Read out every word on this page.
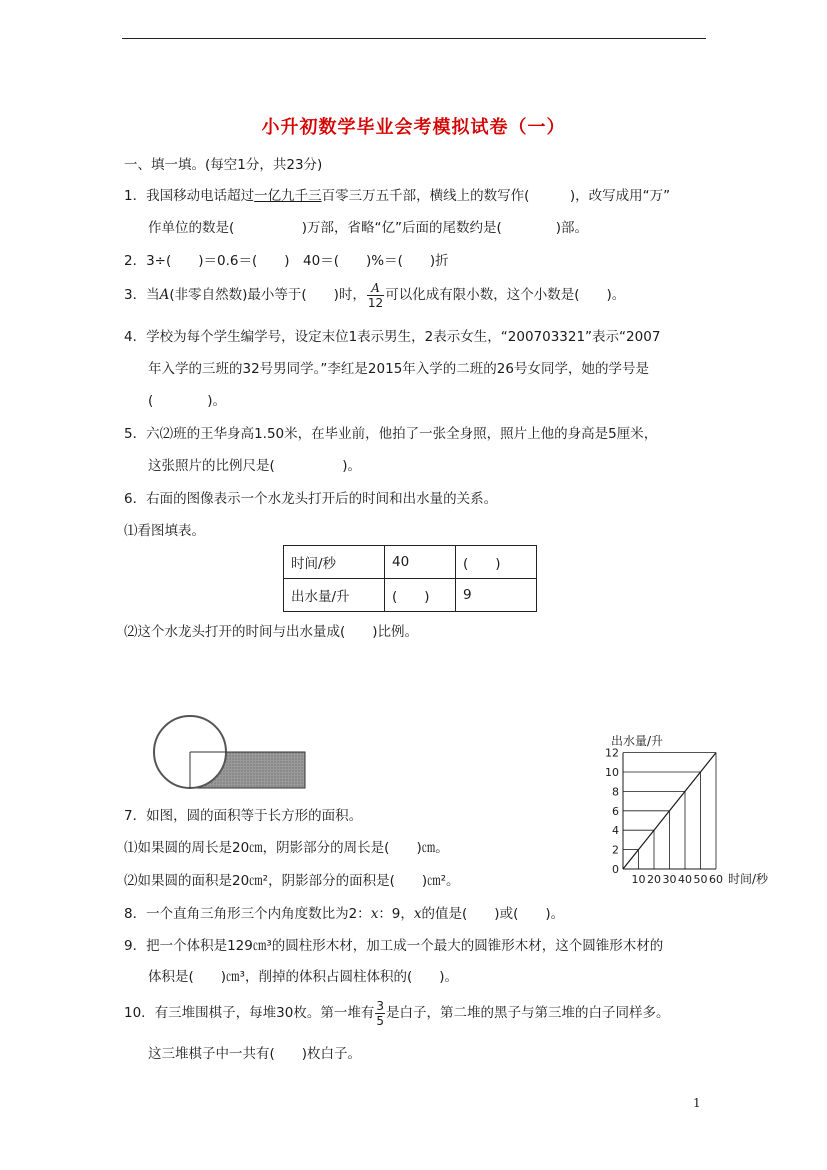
小升初数学毕业会考模拟试卷（一）
一、填一填。(每空1分，共23分)
1．我国移动电话超过一亿九千三百零三万五千部，横线上的数写作(　　　)，改写成用“万”
作单位的数是(　　　　　)万部，省略“亿”后面的尾数约是(　　　　)部。
2．3÷(　　)＝0.6＝(　　)　40＝(　　)%＝(　　)折
3．当A(非零自然数)最小等于(　　)时， $\frac{A}{12}$ 可以化成有限小数，这个小数是(　　)。
4．学校为每个学生编学号，设定末位1表示男生，2表示女生，“200703321”表示“2007
年入学的三班的32号男同学。”李红是2015年入学的二班的26号女同学，她的学号是
(　　　　)。
5．六⑵班的王华身高1.50米，在毕业前，他拍了一张全身照，照片上他的身高是5厘米，
这张照片的比例尺是(　　　　　)。
6．右面的图像表示一个水龙头打开后的时间和出水量的关系。
⑴看图填表。
时间/秒	40	(　　)
出水量/升	(　　)	9
⑵这个水龙头打开的时间与出水量成(　　)比例。
出水量/升
时间/秒
0
2
4
6
8
10
12
10 20 30 40 50 60
7．如图，圆的面积等于长方形的面积。
⑴如果圆的周长是20㎝，阴影部分的周长是(　　)㎝。
⑵如果圆的面积是20㎝²，阴影部分的面积是(　　)㎝²。
8．一个直角三角形三个内角度数比为2：x：9，x的值是(　　)或(　　)。
9．把一个体积是129㎝³的圆柱形木材，加工成一个最大的圆锥形木材，这个圆锥形木材的
体积是(　　)㎝³，削掉的体积占圆柱体积的(　　)。
10．有三堆围棋子，每堆30枚。第一堆有 $\frac{3}{5}$ 是白子，第二堆的黑子与第三堆的白子同样多。
这三堆棋子中一共有(　　)枚白子。
1
